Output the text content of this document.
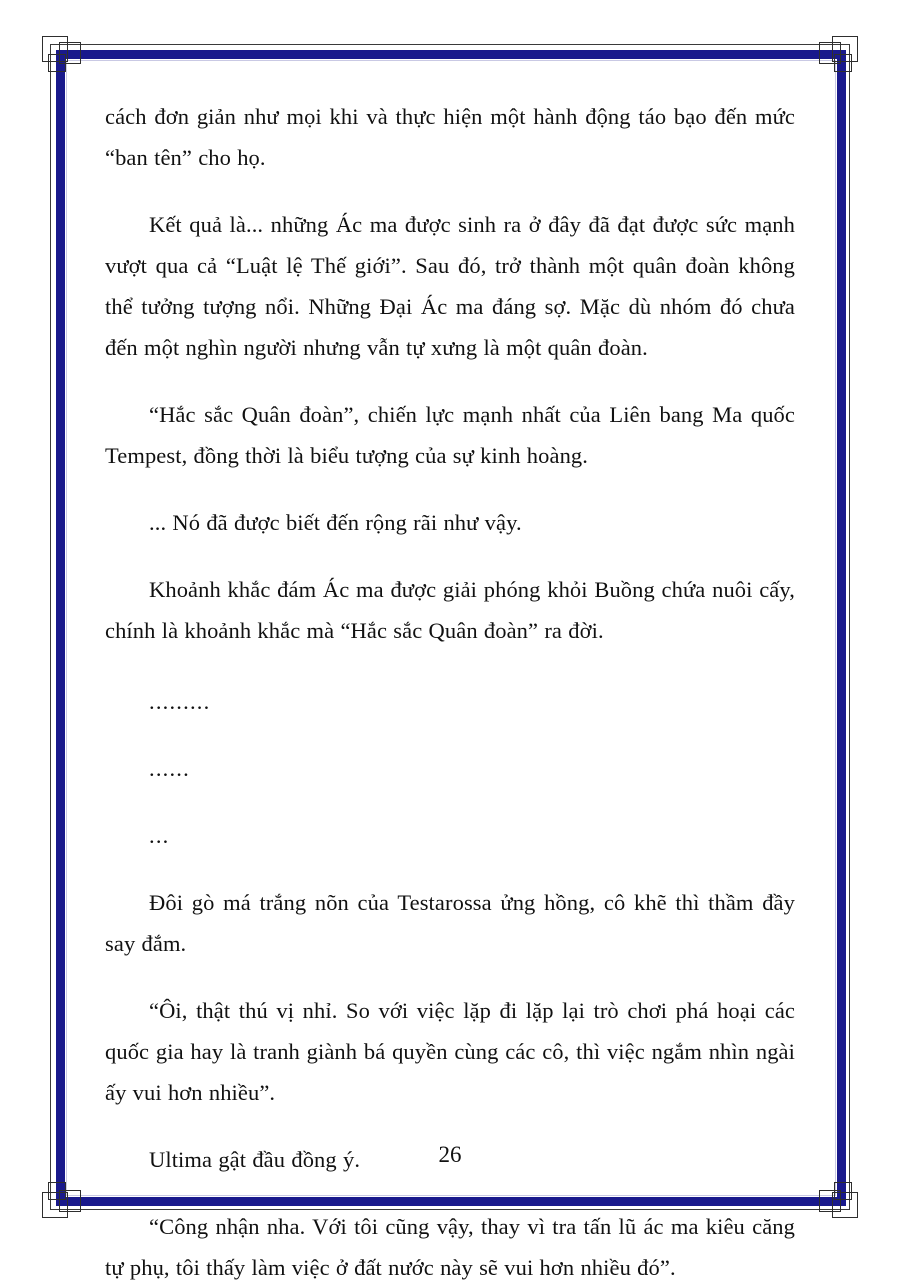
cách đơn giản như mọi khi và thực hiện một hành động táo bạo đến mức “ban tên” cho họ.

Kết quả là... những Ác ma được sinh ra ở đây đã đạt được sức mạnh vượt qua cả “Luật lệ Thế giới”. Sau đó, trở thành một quân đoàn không thể tưởng tượng nổi. Những Đại Ác ma đáng sợ. Mặc dù nhóm đó chưa đến một nghìn người nhưng vẫn tự xưng là một quân đoàn.

“Hắc sắc Quân đoàn”, chiến lực mạnh nhất của Liên bang Ma quốc Tempest, đồng thời là biểu tượng của sự kinh hoàng.

... Nó đã được biết đến rộng rãi như vậy.

Khoảnh khắc đám Ác ma được giải phóng khỏi Buồng chứa nuôi cấy, chính là khoảnh khắc mà “Hắc sắc Quân đoàn” ra đời.

.........

......

...

Đôi gò má trắng nõn của Testarossa ửng hồng, cô khẽ thì thầm đầy say đắm.

“Ôi, thật thú vị nhỉ. So với việc lặp đi lặp lại trò chơi phá hoại các quốc gia hay là tranh giành bá quyền cùng các cô, thì việc ngắm nhìn ngài ấy vui hơn nhiều”.

Ultima gật đầu đồng ý.

“Công nhận nha. Với tôi cũng vậy, thay vì tra tấn lũ ác ma kiêu căng tự phụ, tôi thấy làm việc ở đất nước này sẽ vui hơn nhiều đó”.

26
